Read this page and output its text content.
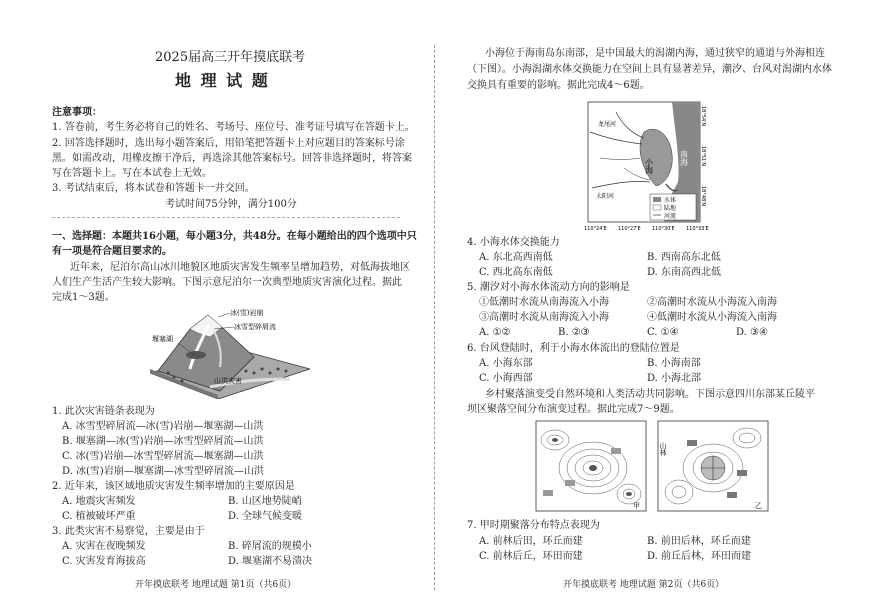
2025届高三开年摸底联考
地 理 试 题
注意事项：
1. 答卷前，考生务必将自己的姓名、考场号、座位号、准考证号填写在答题卡上。
2. 回答选择题时，选出每小题答案后，用铅笔把答题卡上对应题目的答案标号涂
黑。如需改动，用橡皮擦干净后，再选涂其他答案标号。回答非选择题时，将答案
写在答题卡上。写在本试卷上无效。
3. 考试结束后，将本试卷和答题卡一并交回。
考试时间75分钟，满分100分
一、选择题：本题共16小题，每小题3分，共48分。在每小题给出的四个选项中只
有一项是符合题目要求的。
近年来，尼泊尔高山冰川地貌区地质灾害发生频率呈增加趋势，对低海拔地区
人们生产生活产生较大影响。下图示意尼泊尔一次典型地质灾害演化过程。据此
完成1～3题。
冰(雪)岩崩
冰雪型碎屑流
堰塞湖
山洪灾害
1. 此次灾害链条表现为
A. 冰雪型碎屑流—冰(雪)岩崩—堰塞湖—山洪
B. 堰塞湖—冰(雪)岩崩—冰雪型碎屑流—山洪
C. 冰(雪)岩崩—冰雪型碎屑流—堰塞湖—山洪
D. 冰(雪)岩崩—堰塞湖—冰雪型碎屑流—山洪
2. 近年来，该区域地质灾害发生频率增加的主要原因是
A. 地震灾害频发	B. 山区地势陡峭
C. 植被破坏严重	D. 全球气候变暖
3. 此类灾害不易察觉，主要是由于
A. 灾害在夜晚频发	B. 碎屑流的规模小
C. 灾害发育海拔高	D. 堰塞湖不易溃决
开年摸底联考 地理试题 第1页（共6页）
小海位于海南岛东南部，是中国最大的潟湖内海，通过狭窄的通道与外海相连
（下图）。小海潟湖水体交换能力在空间上具有显著差异，潮汐、台风对潟湖内水体
交换具有重要的影响。据此完成4～6题。
小海	南海
龙尾河
太阳河
水体
陆地
河流
18°54′N
18°51′N
18°48′N
110°24′E 110°27′E 110°30′E 110°33′E
4. 小海水体交换能力
A. 东北高西南低	B. 西南高东北低
C. 西北高东南低	D. 东南高西北低
5. 潮汐对小海水体流动方向的影响是
①低潮时水流从南海流入小海	②高潮时水流从小海流入南海
③高潮时水流从南海流入小海	④低潮时水流从小海流入南海
A. ①②	B. ②③	C. ①④	D. ③④
6. 台风登陆时，利于小海水体流出的登陆位置是
A. 小海东部	B. 小海南部
C. 小海西部	D. 小海北部
乡村聚落演变受自然环境和人类活动共同影响。下图示意四川东部某丘陵平
坝区聚落空间分布演变过程。据此完成7～9题。
甲
山林
乙
7. 甲时期聚落分布特点表现为
A. 前林后田，环丘而建	B. 前田后林，环丘而建
C. 前林后丘，环田而建	D. 前丘后林，环田而建
开年摸底联考 地理试题 第2页（共6页）
